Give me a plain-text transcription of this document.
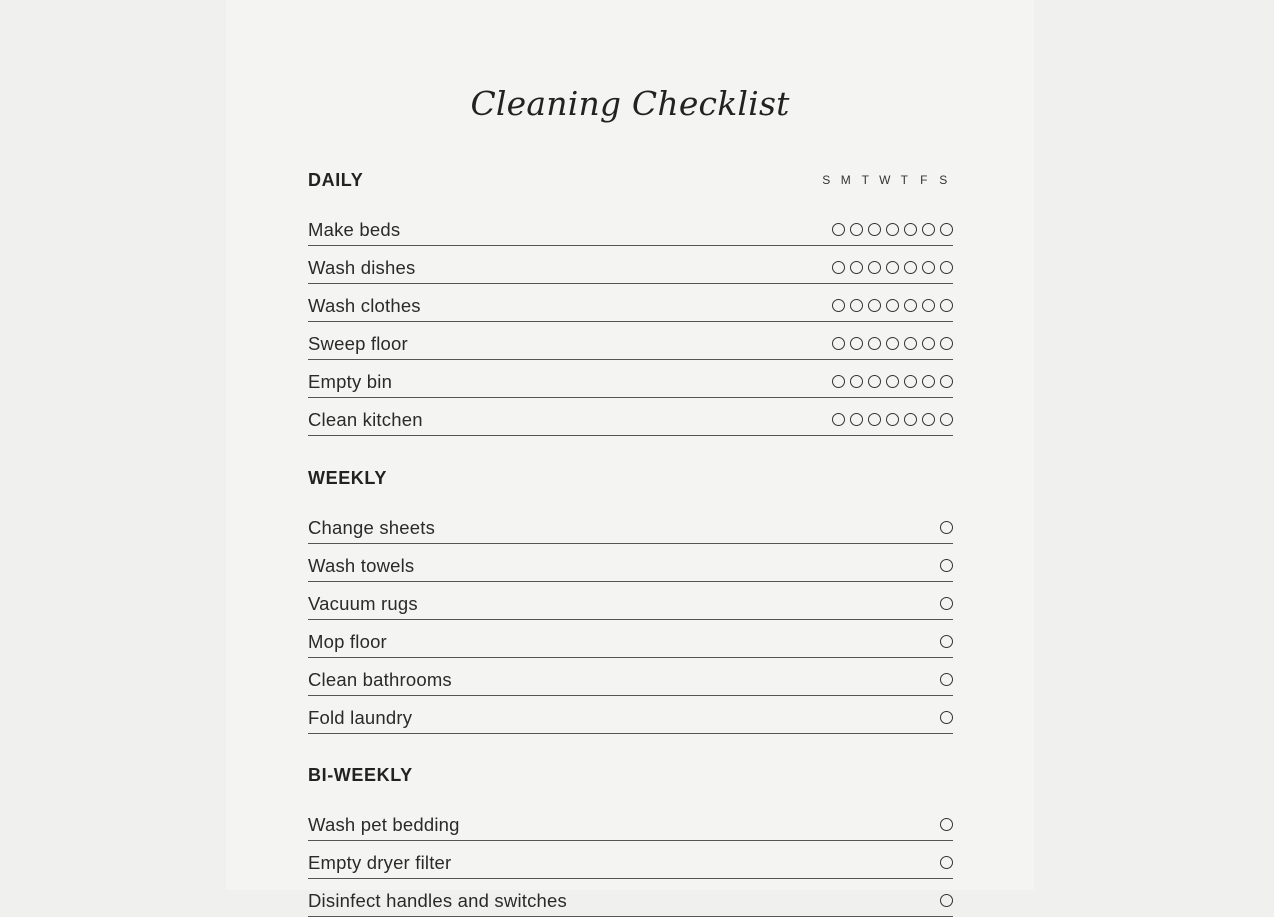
Cleaning Checklist
DAILY	S M T W T	F S
Make beds
Wash dishes
Wash clothes
Sweep floor
Empty bin
Clean kitchen
WEEKLY
Change sheets
Wash towels
Vacuum rugs
Mop floor
Clean bathrooms
Fold laundry
BI-WEEKLY
Wash pet bedding
Empty dryer filter
Disinfect handles and switches
